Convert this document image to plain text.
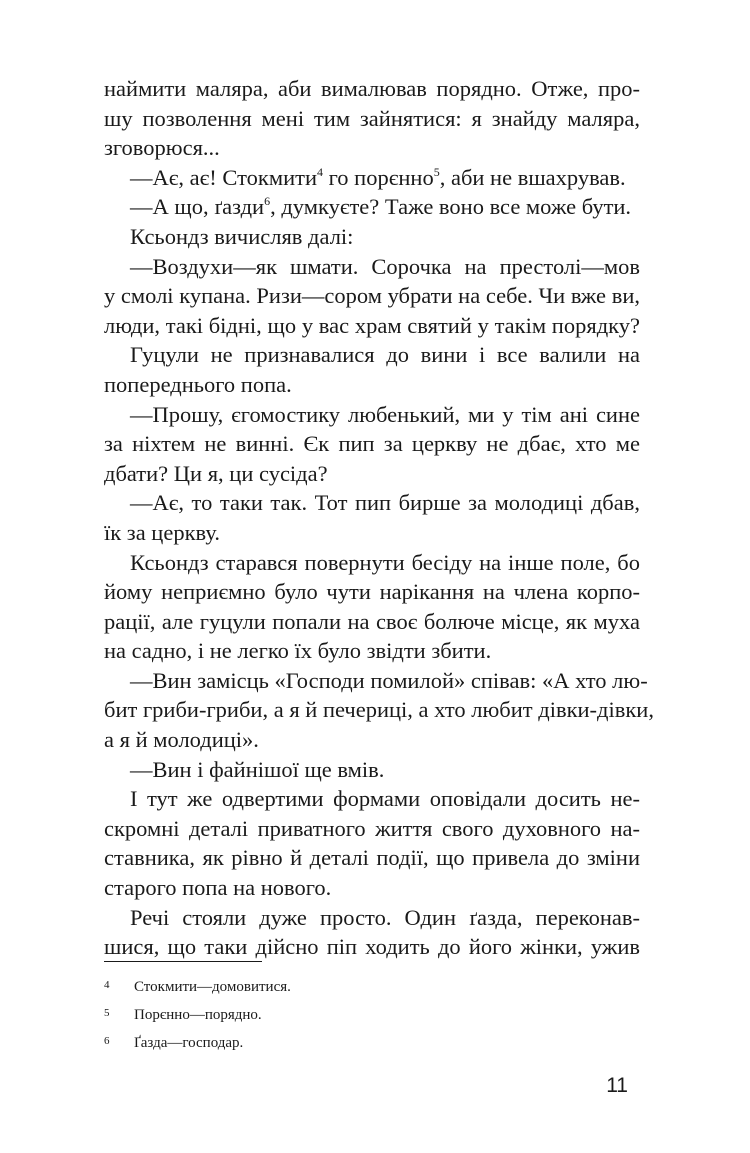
наймити маляра, аби вималював порядно. Отже, про-
шу позволення мені тим зайнятися: я знайду маляра,
зговорюся...
—Ає, ає! Стокмити$^4$ го порєнно$^5$, аби не вшахрував.
—А що, ґазди$^6$, думкуєте? Таже воно все може бути.
Ксьондз вичисляв далі:
—Воздухи—як шмати. Сорочка на престолі—мов
у смолі купана. Ризи—сором убрати на себе. Чи вже ви,
люди, такі бідні, що у вас храм святий у такім порядку?
Гуцули не признавалися до вини і все валили на
попереднього попа.
—Прошу, єгомостику любенький, ми у тім ані сине
за ніхтем не винні. Єк пип за церкву не дбає, хто ме
дбати? Ци я, ци сусіда?
—Ає, то таки так. Тот пип бирше за молодиці дбав,
їк за церкву.
Ксьондз старався повернути бесіду на інше поле, бо
йому неприємно було чути нарікання на члена корпо-
рації, але гуцули попали на своє болюче місце, як муха
на садно, і не легко їх було звідти збити.
—Вин замісць «Господи помилой» співав: «А хто лю-
бит гриби-гриби, а я й печериці, а хто любит дівки-дівки,
а я й молодиці».
—Вин і файнішої ще вмів.
І тут же одвертими формами оповідали досить не-
скромні деталі приватного життя свого духовного на-
ставника, як рівно й деталі події, що привела до зміни
старого попа на нового.
Речі стояли дуже просто. Один ґазда, переконав-
шися, що таки дійсно піп ходить до його жінки, ужив
4 Стокмити—домовитися.
5 Порєнно—порядно.
6 Ґазда—господар.
11
